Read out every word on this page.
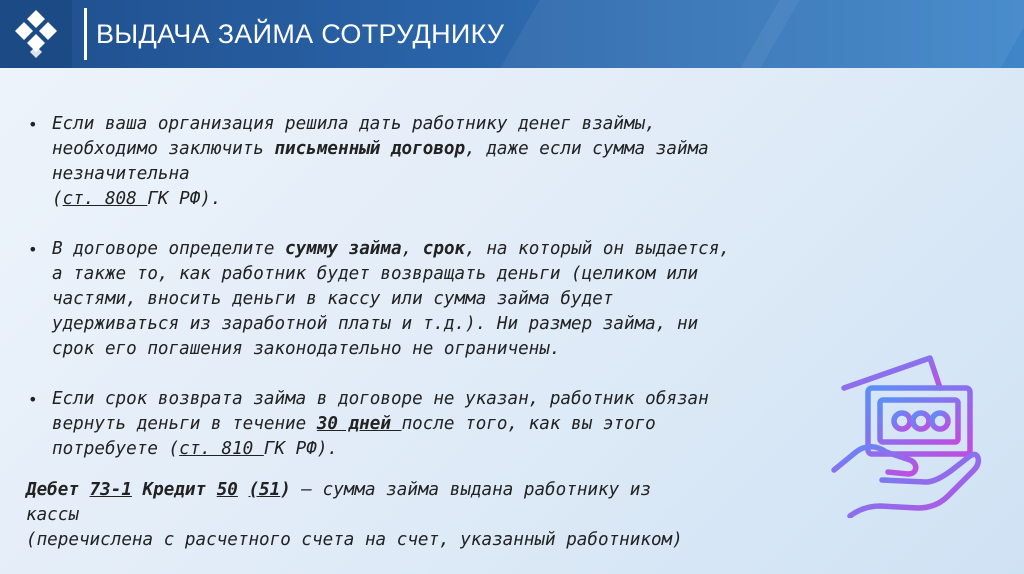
ВЫДАЧА ЗАЙМА СОТРУДНИКУ
• Если ваша организация решила дать работнику денег взаймы,
необходимо заключить письменный договор, даже если сумма займа
незначительна
(ст. 808 ГК РФ).
• В договоре определите сумму займа, срок, на который он выдается,
а также то, как работник будет возвращать деньги (целиком или
частями, вносить деньги в кассу или сумма займа будет
удерживаться из заработной платы и т.д.). Ни размер займа, ни
срок его погашения законодательно не ограничены.
• Если срок возврата займа в договоре не указан, работник обязан
вернуть деньги в течение 30 дней после того, как вы этого
потребуете (ст. 810 ГК РФ).
Дебет 73-1 Кредит 50 (51) – сумма займа выдана работнику из
кассы
(перечислена с расчетного счета на счет, указанный работником)
